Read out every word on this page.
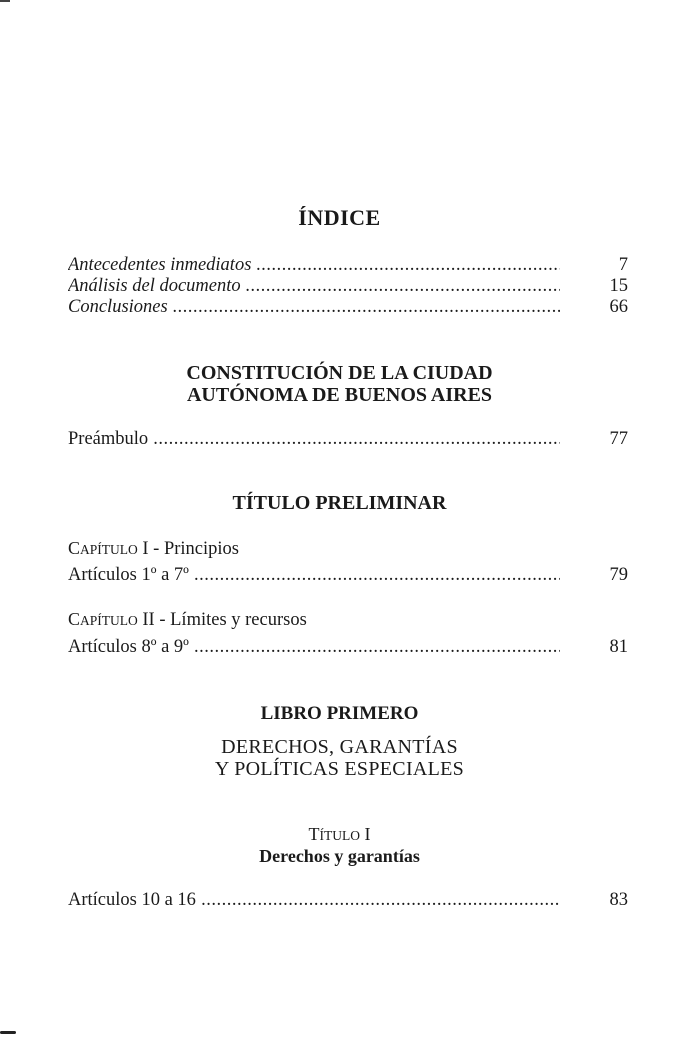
ÍNDICE
Antecedentes inmediatos .....	7
Análisis del documento .....	15
Conclusiones .....	66
CONSTITUCIÓN DE LA CIUDAD
AUTÓNOMA DE BUENOS AIRES
Preámbulo .....	77
TÍTULO PRELIMINAR
CAPÍTULO I - Principios
Artículos 1º a 7º .....	79
CAPÍTULO II - Límites y recursos
Artículos 8º a 9º .....	81
LIBRO PRIMERO
DERECHOS, GARANTÍAS
Y POLÍTICAS ESPECIALES
TÍTULO I
Derechos y garantías
Artículos 10 a 16 .....	83
